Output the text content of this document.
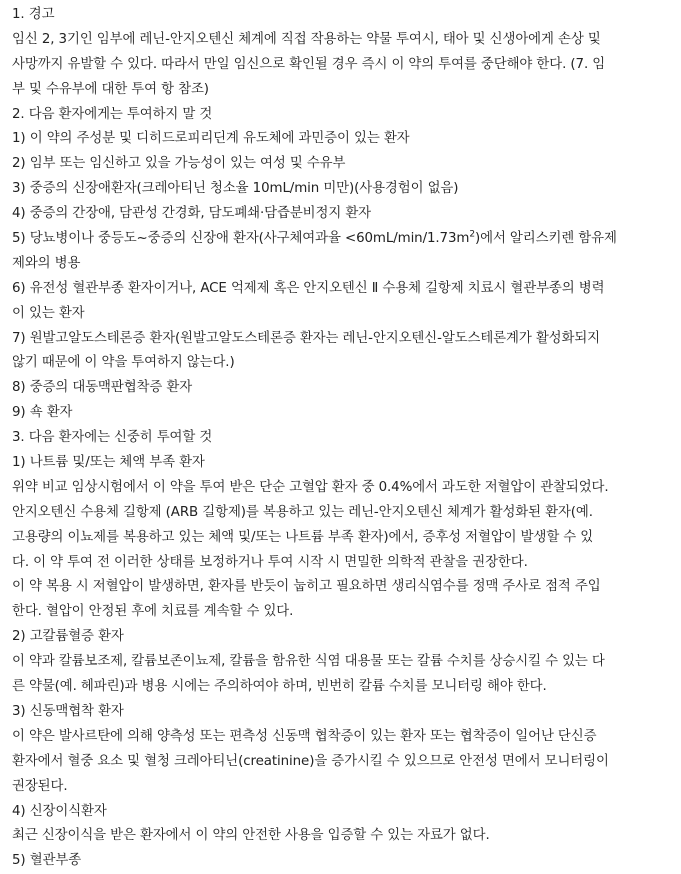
1. 경고
임신 2, 3기인 임부에 레닌-안지오텐신 체계에 직접 작용하는 약물 투여시, 태아 및 신생아에게 손상 및
사망까지 유발할 수 있다. 따라서 만일 임신으로 확인될 경우 즉시 이 약의 투여를 중단해야 한다. (7. 임
부 및 수유부에 대한 투여 항 참조)
2. 다음 환자에게는 투여하지 말 것
1) 이 약의 주성분 및 디히드로피리딘계 유도체에 과민증이 있는 환자
2) 임부 또는 임신하고 있을 가능성이 있는 여성 및 수유부
3) 중증의 신장애환자(크레아티닌 청소율 10mL/min 미만)(사용경험이 없음)
4) 중증의 간장애, 담관성 간경화, 담도폐쇄·담즙분비정지 환자
5) 당뇨병이나 중등도~중증의 신장애 환자(사구체여과율 $<60mL/\min/1.73m^2$)에서 알리스키렌 함유제
제와의 병용
6) 유전성 혈관부종 환자이거나, ACE 억제제 혹은 안지오텐신 Ⅱ 수용체 길항제 치료시 혈관부종의 병력
이 있는 환자
7) 원발고알도스테론증 환자(원발고알도스테론증 환자는 레닌-안지오텐신-알도스테론계가 활성화되지
않기 때문에 이 약을 투여하지 않는다.)
8) 중증의 대동맥판협착증 환자
9) 쇽 환자
3. 다음 환자에는 신중히 투여할 것
1) 나트륨 및/또는 체액 부족 환자
위약 비교 임상시험에서 이 약을 투여 받은 단순 고혈압 환자 중 0.4%에서 과도한 저혈압이 관찰되었다.
안지오텐신 수용체 길항제 (ARB 길항제)를 복용하고 있는 레닌-안지오텐신 체계가 활성화된 환자(예.
고용량의 이뇨제를 복용하고 있는 체액 및/또는 나트륨 부족 환자)에서, 증후성 저혈압이 발생할 수 있
다. 이 약 투여 전 이러한 상태를 보정하거나 투여 시작 시 면밀한 의학적 관찰을 권장한다.
이 약 복용 시 저혈압이 발생하면, 환자를 반듯이 눕히고 필요하면 생리식염수를 정맥 주사로 점적 주입
한다. 혈압이 안정된 후에 치료를 계속할 수 있다.
2) 고칼륨혈증 환자
이 약과 칼륨보조제, 칼륨보존이뇨제, 칼륨을 함유한 식염 대용물 또는 칼륨 수치를 상승시킬 수 있는 다
른 약물(예. 헤파린)과 병용 시에는 주의하여야 하며, 빈번히 칼륨 수치를 모니터링 해야 한다.
3) 신동맥협착 환자
이 약은 발사르탄에 의해 양측성 또는 편측성 신동맥 협착증이 있는 환자 또는 협착증이 일어난 단신증
환자에서 혈중 요소 및 혈청 크레아티닌(creatinine)을 증가시킬 수 있으므로 안전성 면에서 모니터링이
권장된다.
4) 신장이식환자
최근 신장이식을 받은 환자에서 이 약의 안전한 사용을 입증할 수 있는 자료가 없다.
5) 혈관부종
